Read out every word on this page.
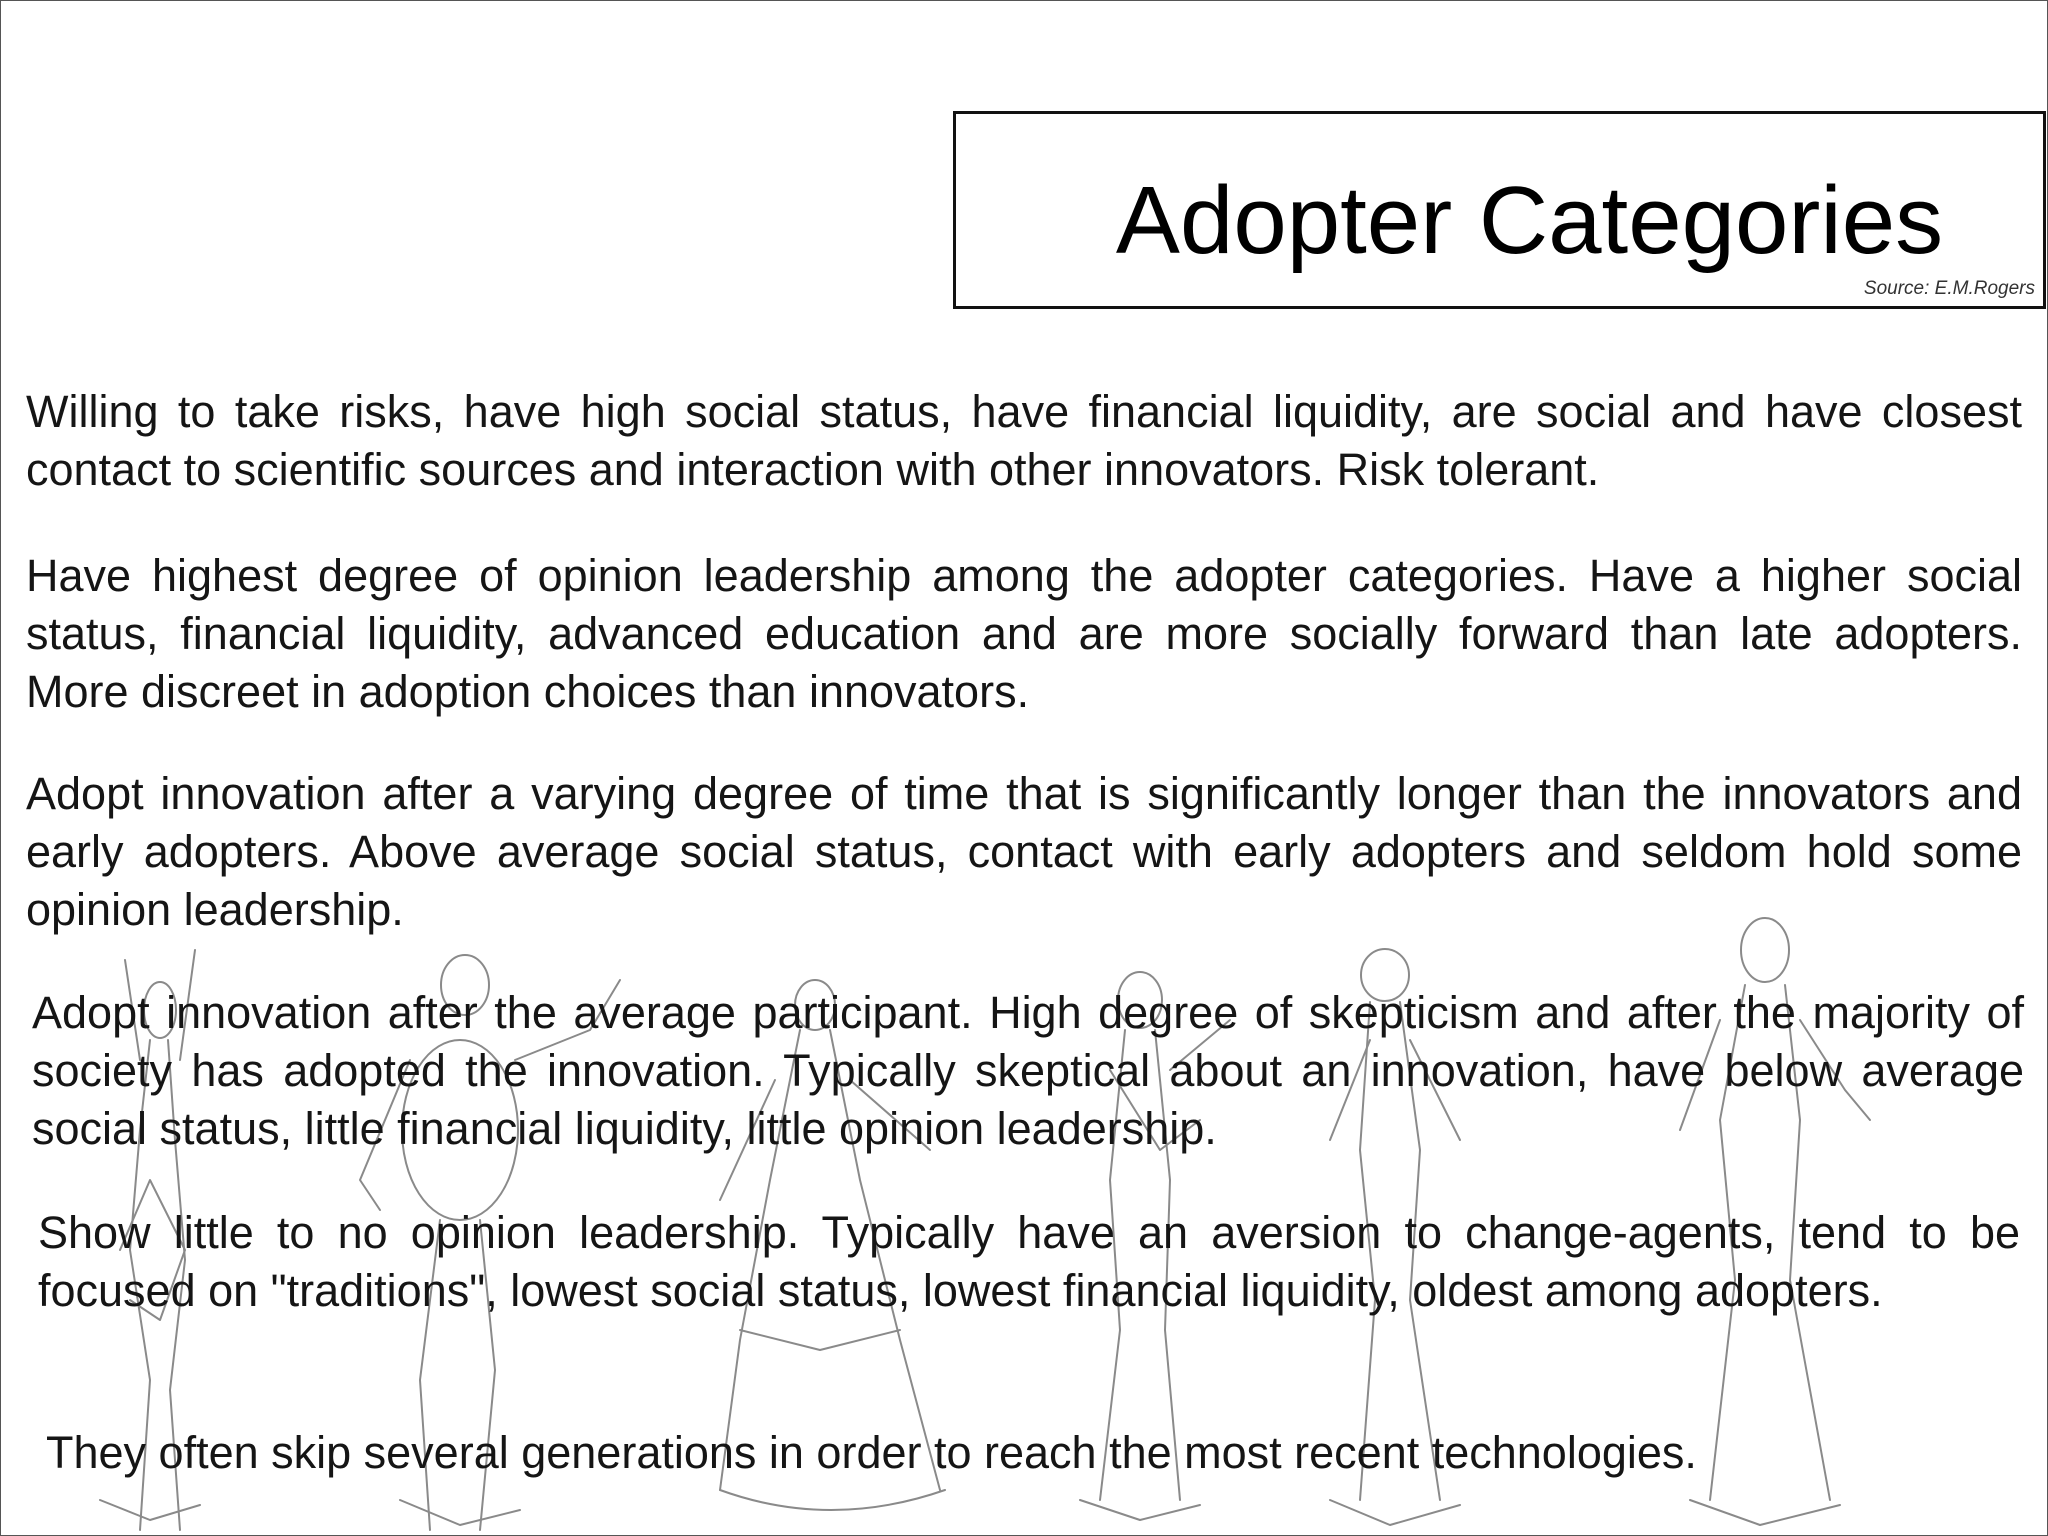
Adopter Categories
Source: E.M.Rogers

Willing to take risks, have high social status, have financial liquidity, are social and have closest contact to scientific sources and interaction with other innovators. Risk tolerant.

Have highest degree of opinion leadership among the adopter categories. Have a higher social status, financial liquidity, advanced education and are more socially forward than late adopters. More discreet in adoption choices than innovators.

Adopt innovation after a varying degree of time that is significantly longer than the innovators and early adopters. Above average social status, contact with early adopters and seldom hold some opinion leadership.

Adopt innovation after the average participant. High degree of skepticism and after the majority of society has adopted the innovation. Typically skeptical about an innovation, have below average social status, little financial liquidity, little opinion leadership.

Show little to no opinion leadership. Typically have an aversion to change-agents, tend to be focused on "traditions", lowest social status, lowest financial liquidity, oldest among adopters.

They often skip several generations in order to reach the most recent technologies.
